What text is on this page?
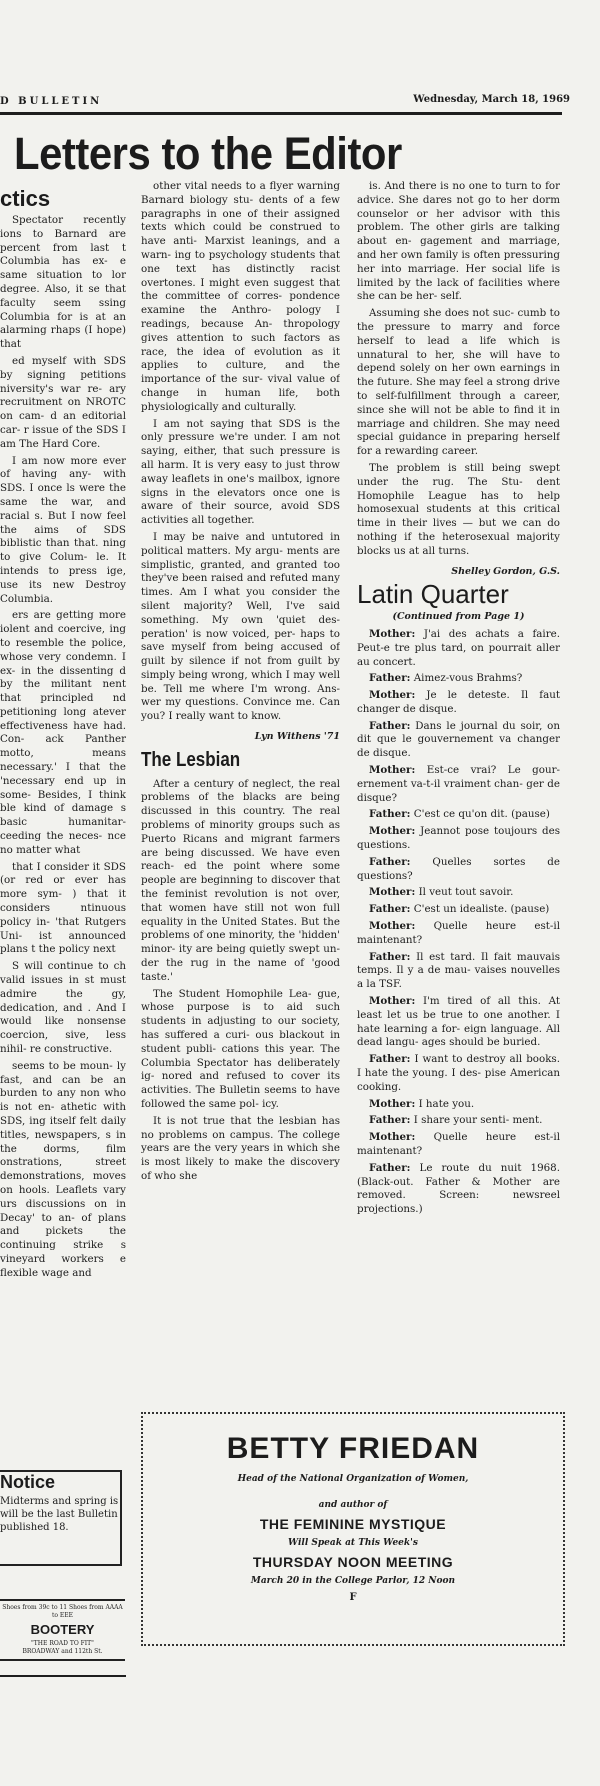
D BULLETIN	Wednesday, March 18, 1969
Letters to the Editor
ctics

Spectator recently ions to Barnard are percent from last t Columbia has ex- e same situation to lor degree. Also, it se that faculty seem ssing Columbia for is at an alarming rhaps (I hope) that

ed myself with SDS by signing petitions niversity's war re- ary recruitment on NROTC on cam- d an editorial car- r issue of the SDS I am The Hard Core.

I am now more ever of having any- with SDS. I once ls were the same the war, and racial s. But I now feel the aims of SDS biblistic than that. ning to give Colum- le. It intends to press ige, use its new Destroy Columbia.

ers are getting more iolent and coercive, ing to resemble the police, whose very condemn. I ex- in the dissenting d by the militant nent that principled nd petitioning long atever effectiveness have had. Con- ack Panther motto, means necessary.' I that the 'necessary end up in some- Besides, I think ble kind of damage s basic humanitar- ceeding the neces- nce no matter what

that I consider it SDS (or red or ever has more sym- ) that it considers ntinuous policy in- 'that Rutgers Uni- ist announced plans t the policy next

S will continue to ch valid issues in st must admire the gy, dedication, and . And I would like nonsense coercion, sive, less nihil- re constructive.

seems to be moun- ly fast, and can be an burden to any non who is not en- athetic with SDS, ing itself felt daily titles, newspapers, s in the dorms, film onstrations, street demonstrations, moves on hools. Leaflets vary urs discussions on in Decay' to an- of plans and pickets the continuing strike s vineyard workers e flexible wage and

other vital needs to a flyer warning Barnard biology stu- dents of a few paragraphs in one of their assigned texts which could be construed to have anti- Marxist leanings, and a warn- ing to psychology students that one text has distinctly racist overtones. I might even suggest that the committee of corres- pondence examine the Anthro- pology I readings, because An- thropology gives attention to such factors as race, the idea of evolution as it applies to culture, and the importance of the sur- vival value of change in human life, both physiologically and culturally.

I am not saying that SDS is the only pressure we're under. I am not saying, either, that such pressure is all harm. It is very easy to just throw away leaflets in one's mailbox, ignore signs in the elevators once one is aware of their source, avoid SDS activities all together.

I may be naive and untutored in political matters. My argu- ments are simplistic, granted, and granted too they've been raised and refuted many times. Am I what you consider the silent majority? Well, I've said something. My own 'quiet des- peration' is now voiced, per- haps to save myself from being accused of guilt by silence if not from guilt by simply being wrong, which I may well be. Tell me where I'm wrong. Ans- wer my questions. Convince me. Can you? I really want to know.

Lyn Withens '71

The Lesbian

After a century of neglect, the real problems of the blacks are being discussed in this country. The real problems of minority groups such as Puerto Ricans and migrant farmers are being discussed. We have even reach- ed the point where some people are beginning to discover that the feminist revolution is not over, that women have still not won full equality in the United States. But the problems of one minority, the 'hidden' minor- ity are being quietly swept un- der the rug in the name of 'good taste.'

The Student Homophile Lea- gue, whose purpose is to aid such students in adjusting to our society, has suffered a curi- ous blackout in student publi- cations this year. The Columbia Spectator has deliberately ig- nored and refused to cover its activities. The Bulletin seems to have followed the same pol- icy.

It is not true that the lesbian has no problems on campus. The college years are the very years in which she is most likely to make the discovery of who she

is. And there is no one to turn to for advice. She dares not go to her dorm counselor or her advisor with this problem. The other girls are talking about en- gagement and marriage, and her own family is often pressuring her into marriage. Her social life is limited by the lack of facilities where she can be her- self.

Assuming she does not suc- cumb to the pressure to marry and force herself to lead a life which is unnatural to her, she will have to depend solely on her own earnings in the future. She may feel a strong drive to self-fulfillment through a career, since she will not be able to find it in marriage and children. She may need special guidance in preparing herself for a rewarding career.

The problem is still being swept under the rug. The Stu- dent Homophile League has to help homosexual students at this critical time in their lives — but we can do nothing if the heterosexual majority blocks us at all turns.

Shelley Gordon, G.S.

Latin Quarter
(Continued from Page 1)

Mother: J'ai des achats a faire. Peut-e tre plus tard, on pourrait aller au concert.

Father: Aimez-vous Brahms?

Mother: Je le deteste. Il faut changer de disque.

Father: Dans le journal du soir, on dit que le gouvernement va changer de disque.

Mother: Est-ce vrai? Le gour- ernement va-t-il vraiment chan- ger de disque?

Father: C'est ce qu'on dit. (pause)

Mother: Jeannot pose toujours des questions.

Father: Quelles sortes de questions?

Mother: Il veut tout savoir.

Father: C'est un idealiste. (pause)

Mother: Quelle heure est-il maintenant?

Father: Il est tard. Il fait mauvais temps. Il y a de mau- vaises nouvelles a la TSF.

Mother: I'm tired of all this. At least let us be true to one another. I hate learning a for- eign language. All dead langu- ages should be buried.

Father: I want to destroy all books. I hate the young. I des- pise American cooking.

Mother: I hate you.

Father: I share your senti- ment.

Mother: Quelle heure est-il maintenant?

Father: Le route du nuit 1968. (Black-out. Father & Mother are removed. Screen: newsreel projections.)

Notice
Midterms and spring is will be the last Bulletin published 18.
Shoes from 39c to 11 Shoes from AAAA to EEE
BOOTERY
"THE ROAD TO FIT"
BROADWAY and 112th St.
BETTY FRIEDAN
Head of the National Organization of Women,
and author of
THE FEMININE MYSTIQUE
Will Speak at This Week's
THURSDAY NOON MEETING
March 20 in the College Parlor, 12 Noon
F
